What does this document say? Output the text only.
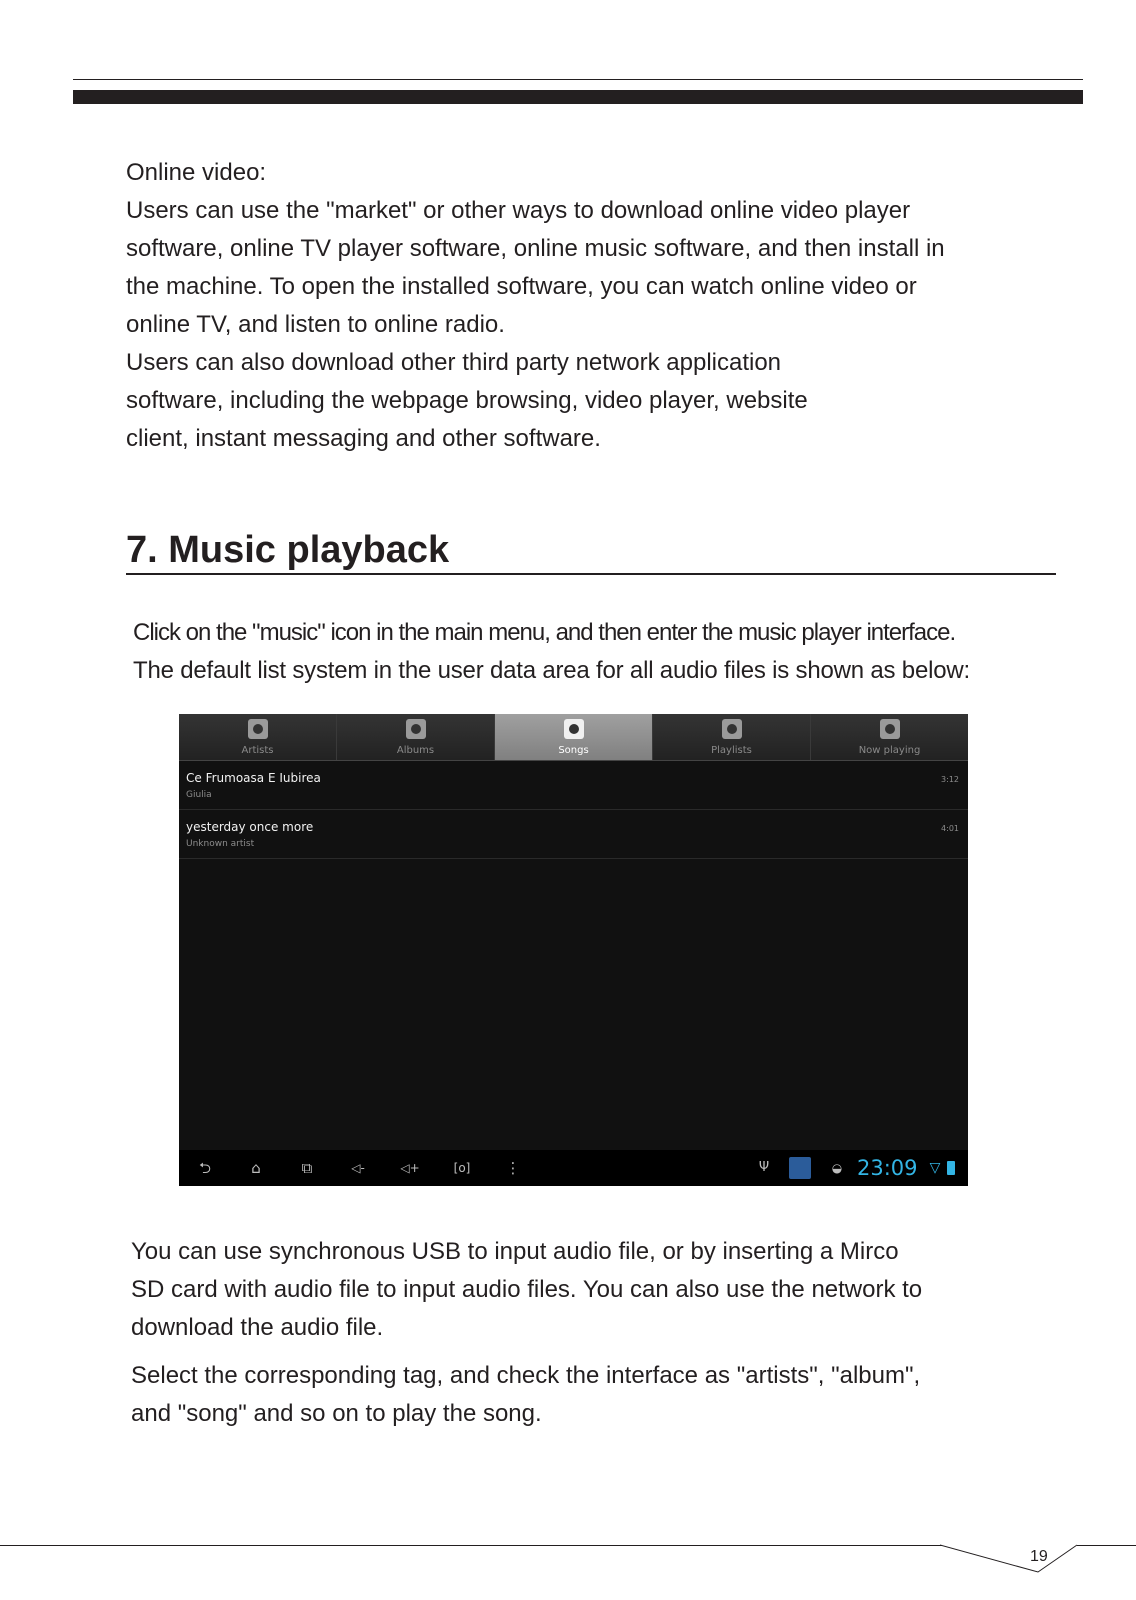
Online video:
Users can use the "market" or other ways to download online video player
software, online TV player software, online music software, and then install in
the machine. To open the installed software, you can watch online video or
online TV, and listen to online radio.
Users can also download other third party network application
software, including the webpage browsing, video player, website
client, instant messaging and other software.
7. Music playback
Click on the "music" icon in the main menu, and then enter the music player interface.
The default list system in the user data area for all audio files is shown as below:
Artists	Albums	Songs	Playlists	Now playing
Ce Frumoasa E Iubirea
Giulia
3:12
yesterday once more
Unknown artist
4:01
⮌	⌂	⧉	◁-	◁+	[o]	⋮	Ψ	◒ 23:09 ▽
You can use synchronous USB to input audio file, or by inserting a Mirco
SD card with audio file to input audio files. You can also use the network to
download the audio file.
Select the corresponding tag, and check the interface as "artists", "album",
and "song" and so on to play the song.
19
